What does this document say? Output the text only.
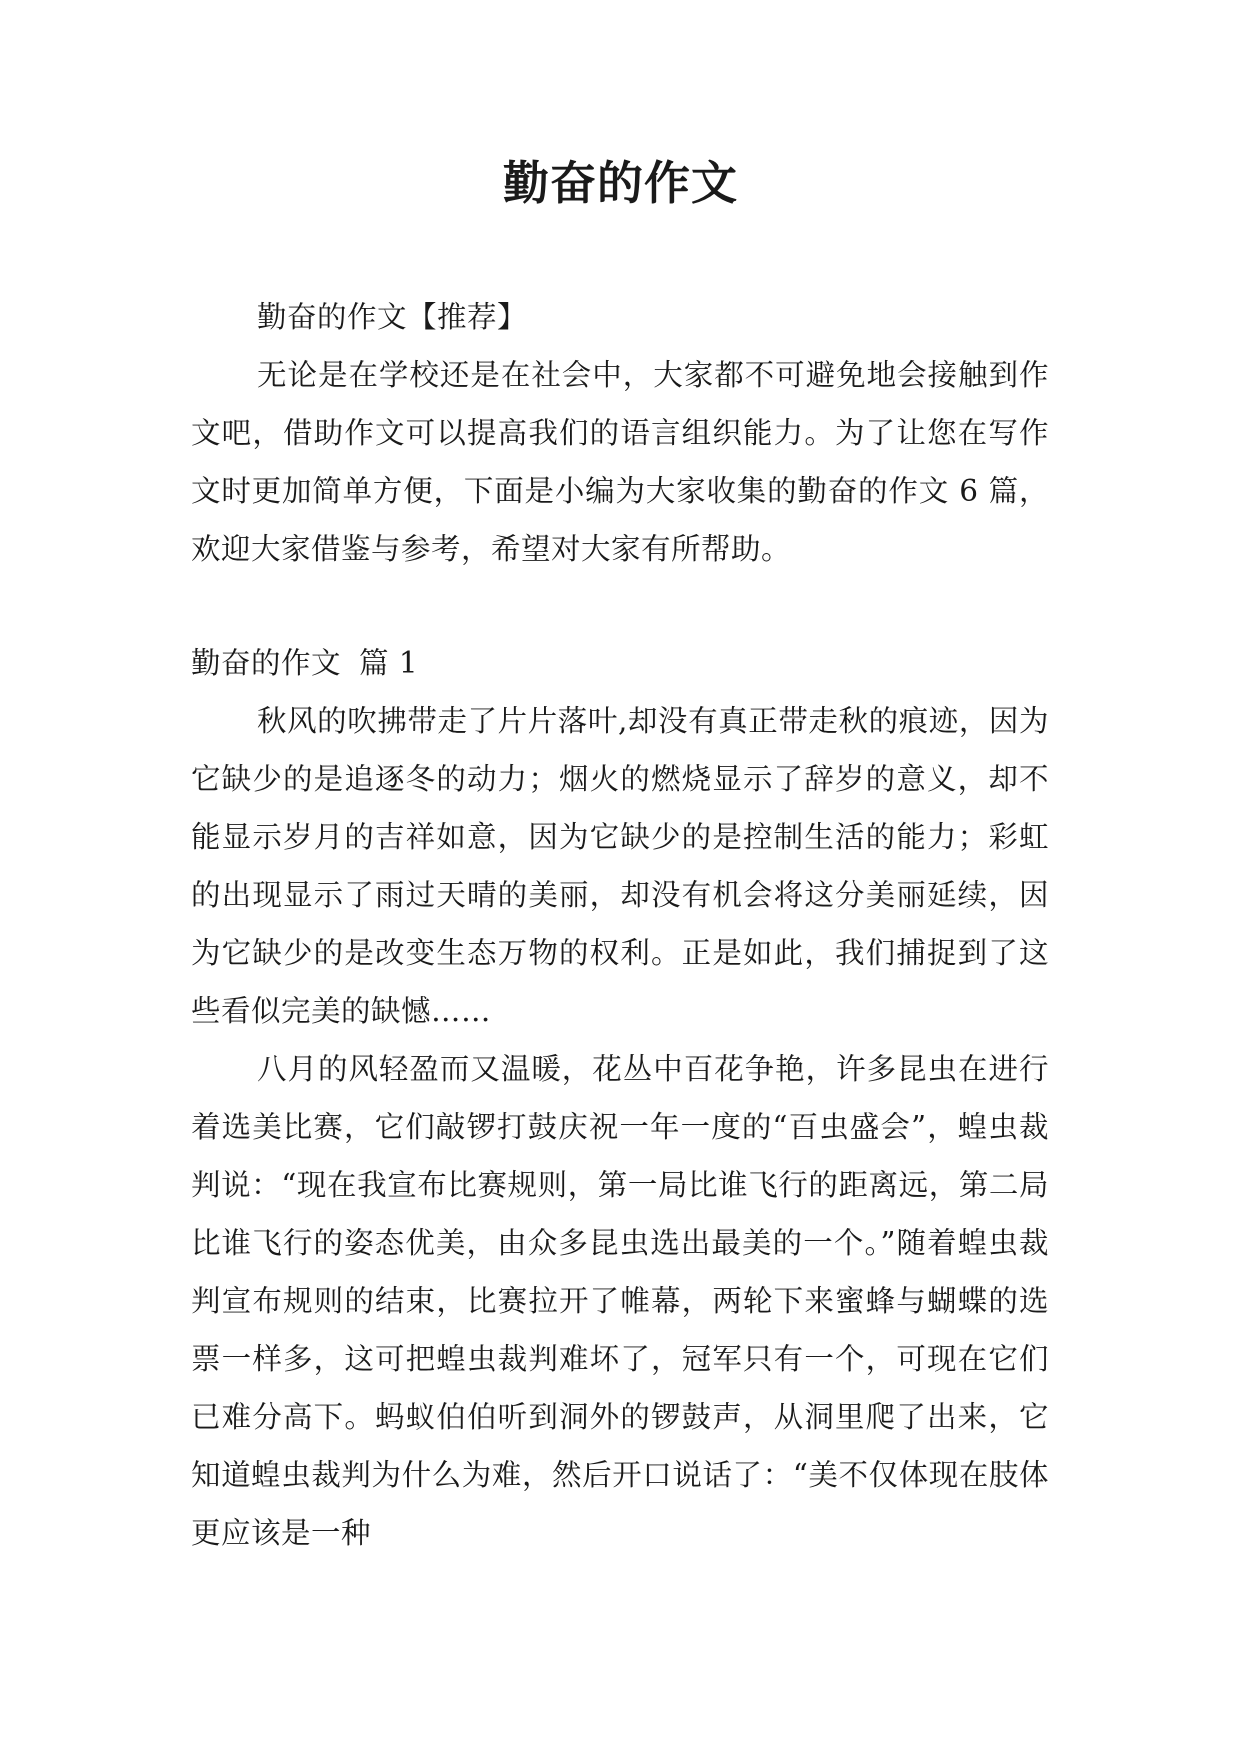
勤奋的作文
勤奋的作文【推荐】
无论是在学校还是在社会中，大家都不可避免地会接触到作文吧，借助作文可以提高我们的语言组织能力。为了让您在写作文时更加简单方便，下面是小编为大家收集的勤奋的作文 6 篇，欢迎大家借鉴与参考，希望对大家有所帮助。
勤奋的作文 篇 1
秋风的吹拂带走了片片落叶,却没有真正带走秋的痕迹，因为它缺少的是追逐冬的动力；烟火的燃烧显示了辞岁的意义，却不能显示岁月的吉祥如意，因为它缺少的是控制生活的能力；彩虹的出现显示了雨过天晴的美丽，却没有机会将这分美丽延续，因为它缺少的是改变生态万物的权利。正是如此，我们捕捉到了这些看似完美的缺憾……
八月的风轻盈而又温暖，花丛中百花争艳，许多昆虫在进行着选美比赛，它们敲锣打鼓庆祝一年一度的“百虫盛会”，蝗虫裁判说：“现在我宣布比赛规则，第一局比谁飞行的距离远，第二局比谁飞行的姿态优美，由众多昆虫选出最美的一个。”随着蝗虫裁判宣布规则的结束，比赛拉开了帷幕，两轮下来蜜蜂与蝴蝶的选票一样多，这可把蝗虫裁判难坏了，冠军只有一个，可现在它们已难分高下。蚂蚁伯伯听到洞外的锣鼓声，从洞里爬了出来，它知道蝗虫裁判为什么为难，然后开口说话了：“美不仅体现在肢体更应该是一种
